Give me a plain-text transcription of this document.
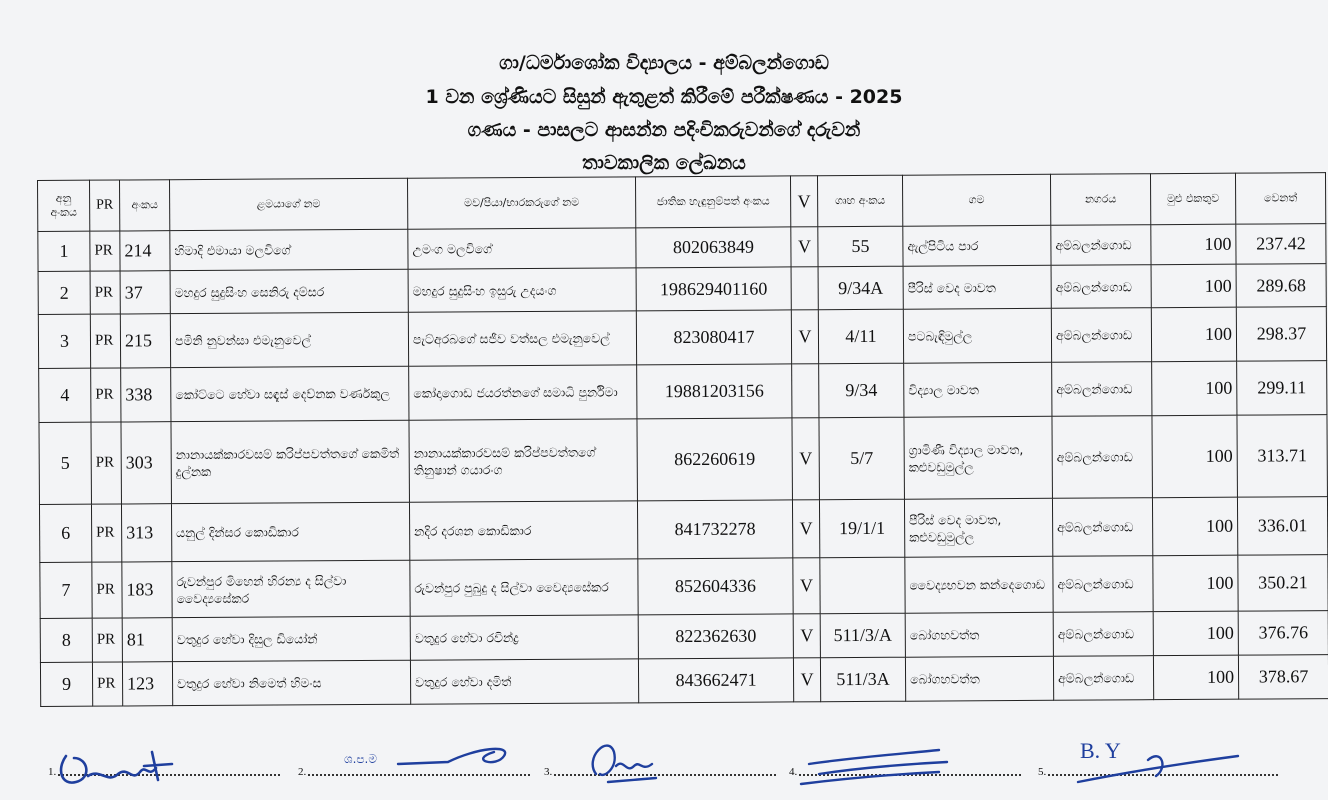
ගා/ධර්මාශෝක විද්‍යාලය - අම්බලන්ගොඩ
1 වන ශ්‍රේණියට සිසුන් ඇතුළත් කිරීමේ පරීක්ෂණය - 2025
ගණය - පාසලට ආසන්න පදිංචිකරුවන්ගේ දරුවන්
තාවකාලික ලේඛනය
අනු අංකය	PR	අංකය	ළමයාගේ නම	මව/පියා/භාරකරුගේ නම	ජාතික හැඳුනුම්පත් අංකය	V	ගෘහ අංකය	ගම	නගරය	මුළු එකතුව	වෙනත්
1	PR	214	හිමාදි එමායා මලවිගේ	උමංග මලවිගේ	802063849	V	55	ඇල්පිටිය පාර	අම්බලන්ගොඩ	100	237.42
2	PR	37	මහදුර සුදුසිංහ සෙනිරු දම්සර	මහදුර සුදුසිංහ ඉසුරු උදයංග	198629401160		9/34A	පීරිස් වෙද මාවත	අම්බලන්ගොඩ	100	289.68
3	PR	215	පමිනි නුවන්සා එමැනුවෙල්	පැට්අරබගේ සජීව වත්සල එමැනුවෙල්	823080417	V	4/11	පටබැඳිමුල්ල	අම්බලන්ගොඩ	100	298.37
4	PR	338	කෝට්ටෙ හේවා සඳැස් දෙව්නක වර්ණකුල	කෝදාගොඩ ජයරත්නගේ සමාධි පුර්නිමා	19881203156		9/34	විද්‍යාල මාවත	අම්බලන්ගොඩ	100	299.11
5	PR	303	නානායක්කාරවසම් කරිප්පවත්තගේ කෙමිත් දුල්නක	නානායක්කාරවසම් කරිප්පවත්තගේ තිනුෂාන් ගයාරංග	862260619	V	5/7	ග්‍රාමිණී විද්‍යාල මාවත, කළුවඩුමුල්ල	අම්බලන්ගොඩ	100	313.71
6	PR	313	යනුල් දින්සර කොඩිකාර	නදිර දරශන කොඩිකාර	841732278	V	19/1/1	පීරිස් වෙද මාවත, කළුවඩුමුල්ල	අම්බලන්ගොඩ	100	336.01
7	PR	183	රුවන්පුර මිහෙන් හිරන්‍ය ද සිල්වා වෛද්‍යසේකර	රුවන්පුර පුබුදු ද සිල්වා වෛද්‍යසේකර	852604336	V		වෛද්‍යභවන කන්දෙගොඩ	අම්බලන්ගොඩ	100	350.21
8	PR	81	වතුදුර හේවා දිසුල ඩියෝන්	වතුදුර හේවා රවින්ද්‍ර	822362630	V	511/3/A	බෝගහවත්ත	අම්බලන්ගොඩ	100	376.76
9	PR	123	වතුදුර හේවා නිමෙත් හිමංස	වතුදුර හේවා දමිත්	843662471	V	511/3A	බෝගහවත්ත	අම්බලන්ගොඩ	100	378.67
1.	2.
ශ.ප.ම
3.	4.	5.
B. Y
